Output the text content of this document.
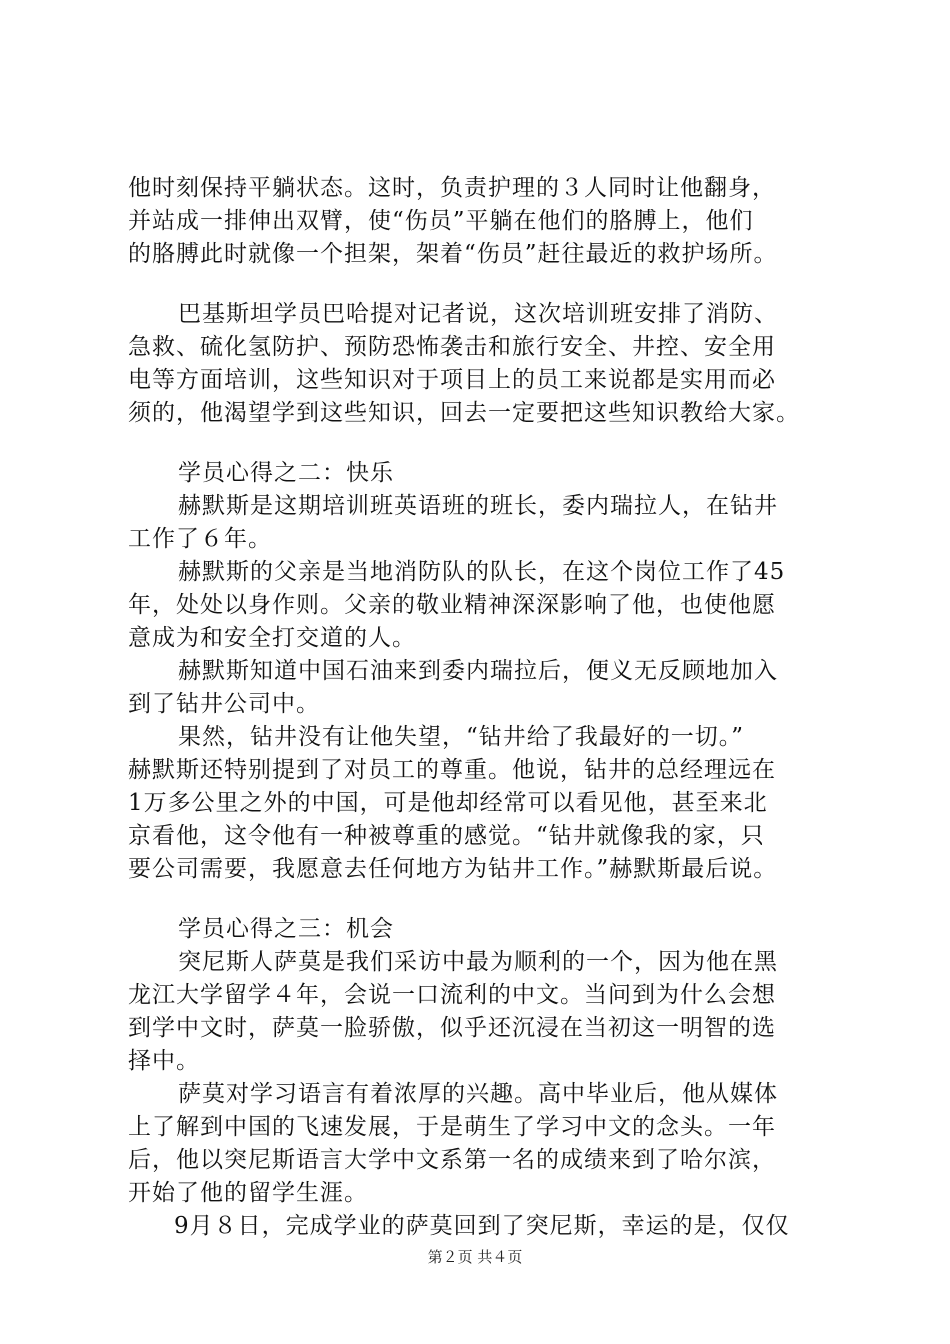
他时刻保持平躺状态。这时，负责护理的３人同时让他翻身，
并站成一排伸出双臂，使“伤员”平躺在他们的胳膊上，他们
的胳膊此时就像一个担架，架着“伤员”赶往最近的救护场所。
巴基斯坦学员巴哈提对记者说，这次培训班安排了消防、
急救、硫化氢防护、预防恐怖袭击和旅行安全、井控、安全用
电等方面培训，这些知识对于项目上的员工来说都是实用而必
须的，他渴望学到这些知识，回去一定要把这些知识教给大家。
学员心得之二：快乐
赫默斯是这期培训班英语班的班长，委内瑞拉人，在钻井
工作了６年。
赫默斯的父亲是当地消防队的队长，在这个岗位工作了45
年，处处以身作则。父亲的敬业精神深深影响了他，也使他愿
意成为和安全打交道的人。
赫默斯知道中国石油来到委内瑞拉后，便义无反顾地加入
到了钻井公司中。
果然，钻井没有让他失望，“钻井给了我最好的一切。”
赫默斯还特别提到了对员工的尊重。他说，钻井的总经理远在
1万多公里之外的中国，可是他却经常可以看见他，甚至来北
京看他，这令他有一种被尊重的感觉。“钻井就像我的家，只
要公司需要，我愿意去任何地方为钻井工作。”赫默斯最后说。
学员心得之三：机会
突尼斯人萨莫是我们采访中最为顺利的一个，因为他在黑
龙江大学留学４年，会说一口流利的中文。当问到为什么会想
到学中文时，萨莫一脸骄傲，似乎还沉浸在当初这一明智的选
择中。
萨莫对学习语言有着浓厚的兴趣。高中毕业后，他从媒体
上了解到中国的飞速发展，于是萌生了学习中文的念头。一年
后，他以突尼斯语言大学中文系第一名的成绩来到了哈尔滨，
开始了他的留学生涯。
9月８日，完成学业的萨莫回到了突尼斯，幸运的是，仅仅
第２页 共４页
